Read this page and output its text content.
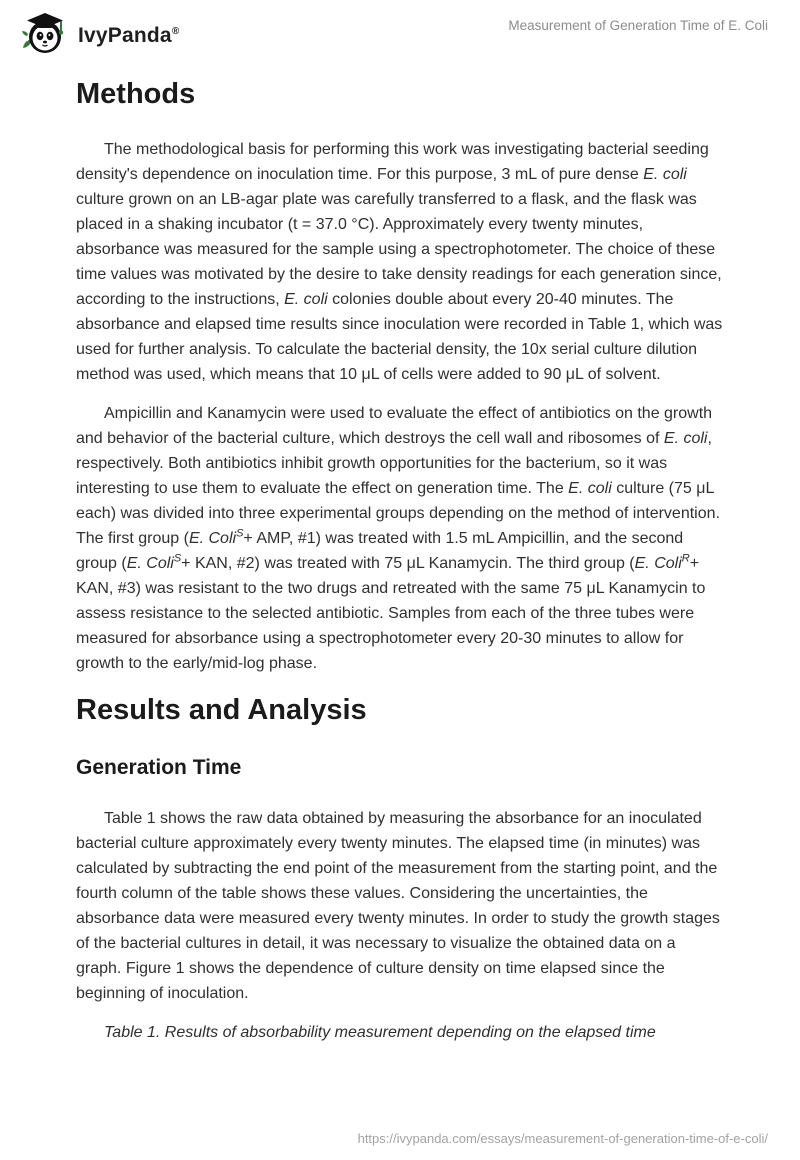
IvyPanda®	Measurement of Generation Time of E. Coli
Methods

The methodological basis for performing this work was investigating bacterial seeding density's dependence on inoculation time. For this purpose, 3 mL of pure dense E. coli culture grown on an LB-agar plate was carefully transferred to a flask, and the flask was placed in a shaking incubator (t = 37.0 °C). Approximately every twenty minutes, absorbance was measured for the sample using a spectrophotometer. The choice of these time values was motivated by the desire to take density readings for each generation since, according to the instructions, E. coli colonies double about every 20-40 minutes. The absorbance and elapsed time results since inoculation were recorded in Table 1, which was used for further analysis. To calculate the bacterial density, the 10x serial culture dilution method was used, which means that 10 μL of cells were added to 90 μL of solvent.

Ampicillin and Kanamycin were used to evaluate the effect of antibiotics on the growth and behavior of the bacterial culture, which destroys the cell wall and ribosomes of E. coli, respectively. Both antibiotics inhibit growth opportunities for the bacterium, so it was interesting to use them to evaluate the effect on generation time. The E. coli culture (75 μL each) was divided into three experimental groups depending on the method of intervention. The first group (E. Coli$^S$+ AMP, #1) was treated with 1.5 mL Ampicillin, and the second group (E. Coli$^S$+ KAN, #2) was treated with 75 μL Kanamycin. The third group (E. Coli$^R$+ KAN, #3) was resistant to the two drugs and retreated with the same 75 μL Kanamycin to assess resistance to the selected antibiotic. Samples from each of the three tubes were measured for absorbance using a spectrophotometer every 20-30 minutes to allow for growth to the early/mid-log phase.

Results and Analysis
Generation Time

Table 1 shows the raw data obtained by measuring the absorbance for an inoculated bacterial culture approximately every twenty minutes. The elapsed time (in minutes) was calculated by subtracting the end point of the measurement from the starting point, and the fourth column of the table shows these values. Considering the uncertainties, the absorbance data were measured every twenty minutes. In order to study the growth stages of the bacterial cultures in detail, it was necessary to visualize the obtained data on a graph. Figure 1 shows the dependence of culture density on time elapsed since the beginning of inoculation.

Table 1. Results of absorbability measurement depending on the elapsed time

https://ivypanda.com/essays/measurement-of-generation-time-of-e-coli/
